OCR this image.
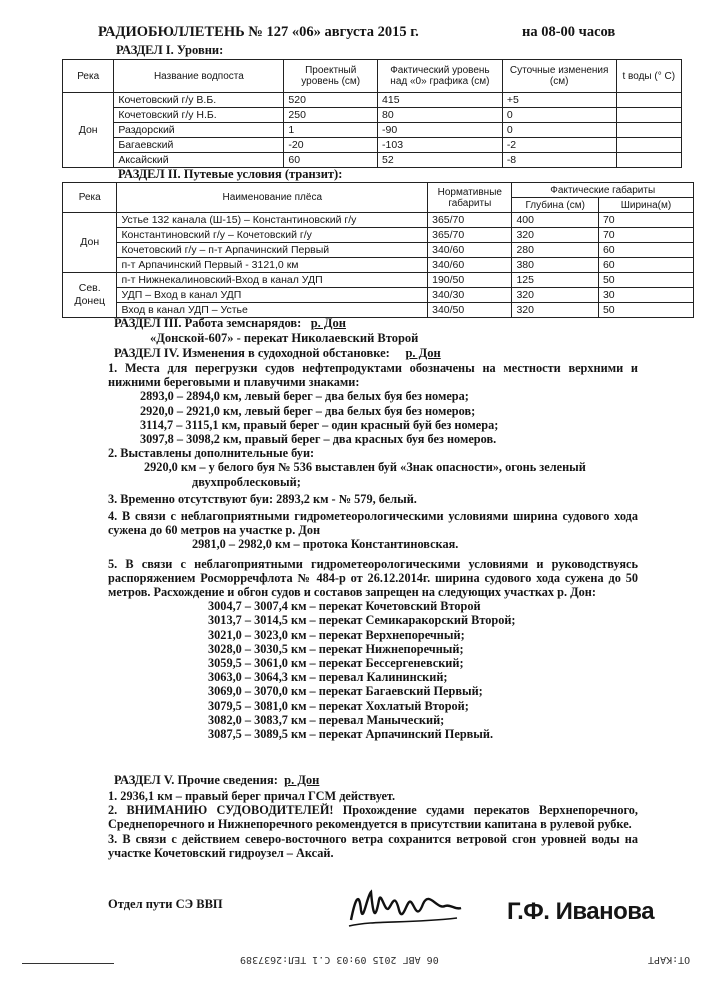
РАДИОБЮЛЛЕТЕНЬ № 127 «06» августа 2015 г.	на 08-00 часов
РАЗДЕЛ I. Уровни:
Река	Название водпоста	Проектный уровень (см)	Фактический уровень над «0» графика (см)	Суточные изменения (см)	t воды (° С)
Дон	Кочетовский г/у В.Б.	520	415	+5	
	Кочетовский г/у Н.Б.	250	80	0	
	Раздорский	1	-90	0	
	Багаевский	-20	-103	-2	
	Аксайский	60	52	-8	
РАЗДЕЛ II. Путевые условия (транзит):
Река	Наименование плёса	Нормативные габариты	Фактические габариты	
			Глубина (см)	Ширина(м)
Дон	Устье 132 канала (Ш-15) – Константиновский г/у	365/70	400	70
	Константиновский г/у – Кочетовский г/у	365/70	320	70
	Кочетовский г/у – п-т Арпачинский Первый	340/60	280	60
	п-т Арпачинский Первый - 3121,0 км	340/60	380	60
Сев. Донец	п-т Нижнекалиновский-Вход в канал УДП	190/50	125	50
	УДП – Вход в канал УДП	340/30	320	30
	Вход в канал УДП – Устье	340/50	320	50
РАЗДЕЛ III. Работа земснарядов: р. Дон
«Донской-607» - перекат Николаевский Второй
РАЗДЕЛ IV. Изменения в судоходной обстановке: р. Дон

1. Места для перегрузки судов нефтепродуктами обозначены на местности верхними и нижними береговыми и плавучими знаками:

2893,0 – 2894,0 км, левый берег – два белых буя без номера;

2920,0 – 2921,0 км, левый берег – два белых буя без номеров;

3114,7 – 3115,1 км, правый берег – один красный буй без номера;

3097,8 – 3098,2 км, правый берег – два красных буя без номеров.

2. Выставлены дополнительные буи:

2920,0 км – у белого буя № 536 выставлен буй «Знак опасности», огонь зеленый

двухпроблесковый;

3. Временно отсутствуют буи: 2893,2 км - № 579, белый.

4. В связи с неблагоприятными гидрометеорологическими условиями ширина судового хода сужена до 60 метров на участке р. Дон

2981,0 – 2982,0 км – протока Константиновская.

5. В связи с неблагоприятными гидрометеорологическими условиями и руководствуясь распоряжением Росморречфлота № 484-р от 26.12.2014г. ширина судового хода сужена до 50 метров. Расхождение и обгон судов и составов запрещен на следующих участках р. Дон:

3004,7 – 3007,4 км – перекат Кочетовский Второй

3013,7 – 3014,5 км – перекат Семикаракорский Второй;

3021,0 – 3023,0 км – перекат Верхнепоречный;

3028,0 – 3030,5 км – перекат Нижнепоречный;

3059,5 – 3061,0 км – перекат Бессергеневский;

3063,0 – 3064,3 км – перевал Калининский;

3069,0 – 3070,0 км – перекат Багаевский Первый;

3079,5 – 3081,0 км – перекат Хохлатый Второй;

3082,0 – 3083,7 км – перевал Маныческий;

3087,5 – 3089,5 км – перекат Арпачинский Первый.

РАЗДЕЛ V. Прочие сведения: р. Дон

1. 2936,1 км – правый берег причал ГСМ действует.

2. ВНИМАНИЮ СУДОВОДИТЕЛЕЙ! Прохождение судами перекатов Верхнепоречного, Среднепоречного и Нижнепоречного рекомендуется в присутствии капитана в рулевой рубке.

3. В связи с действием северо-восточного ветра сохранится ветровой сгон уровней воды на участке Кочетовский гидроузел – Аксай.

Отдел пути СЭ ВВП	Г.Ф. Иванова
06 АВГ 2015 09:03 С.1 ТЕЛ:2637389	ОТ:КАРТ
